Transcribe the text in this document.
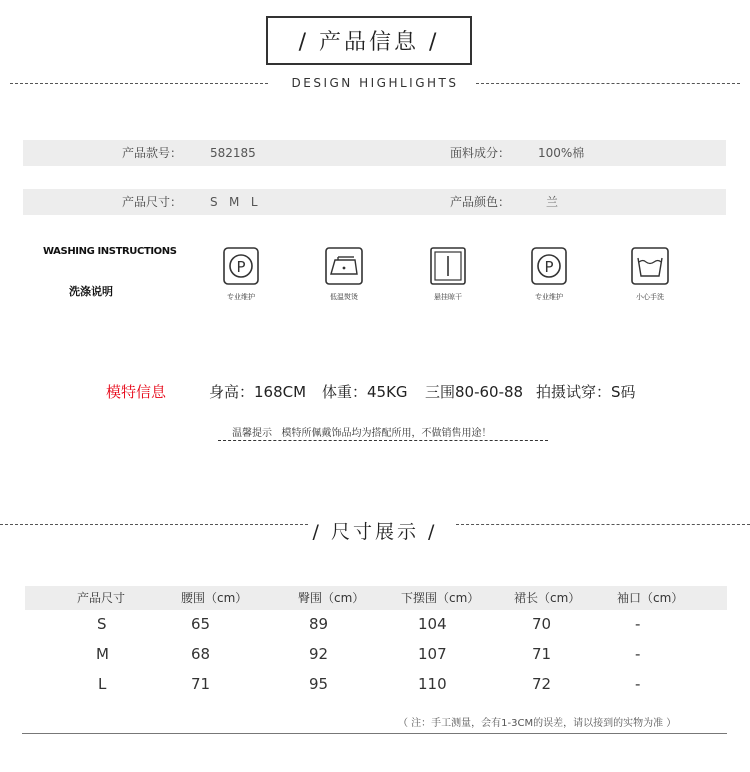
/ 产品信息 /
DESIGN HIGHLIGHTS
产品款号： 582185	面料成分： 100%棉
产品尺寸： S   M   L	产品颜色：	兰
WASHING INSTRUCTIONS
洗涤说明
P
专业维护	低温熨烫	悬挂晾干
P
专业维护	小心手洗
模特信息	身高：168CM 体重：45KG 三围80-60-88 拍摄试穿：S码
温馨提示   模特所佩戴饰品均为搭配所用，不做销售用途！
/ 尺寸展示 /
产品尺寸	腰围（cm）	臀围（cm）	下摆围（cm）	裙长（cm）	袖口（cm）
S	65	89	104	70	-
M	68	92	107	71	-
L	71	95	110	72	-
（ 注：手工测量，会有1-3CM的误差，请以接到的实物为准 ）
